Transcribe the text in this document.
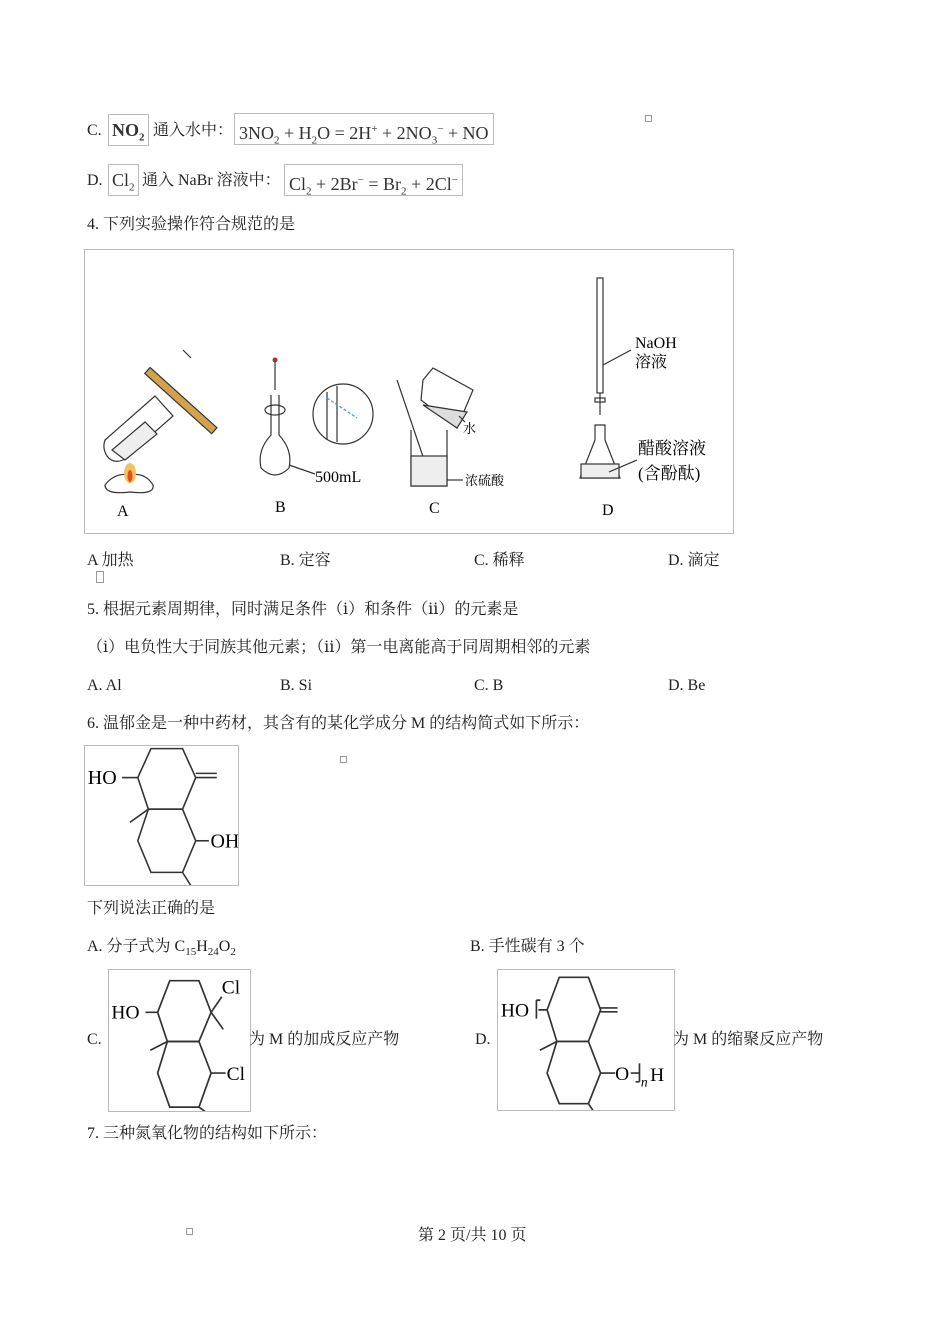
C. $NO_2$ 通入水中： $3NO_2 + H_2O = 2H^+ + 2NO_3^-$ + NO
D. $Cl_2$ 通入 NaBr 溶液中： $Cl_2 + 2Br^- = Br_2 + 2Cl^-$
4. 下列实验操作符合规范的是
500mL
水
浓硫酸
NaOH
溶液
醋酸溶液
(含酚酞)
A	B	C	D
A 加热	B. 定容	C. 稀释	D. 滴定
5. 根据元素周期律，同时满足条件（ⅰ）和条件（ⅱ）的元素是
（ⅰ）电负性大于同族其他元素；（ⅱ）第一电离能高于同周期相邻的元素
A. Al	B. Si	C. B	D. Be
6. 温郁金是一种中药材，其含有的某化学成分 M 的结构简式如下所示：
HO
OH
下列说法正确的是
A. 分子式为 $C_{15}H_{24}O_2$	B. 手性碳有 3 个
C.
HO
Cl
Cl
为 M 的加成反应产物	D.
HO
O n H
为 M 的缩聚反应产物
7. 三种氮氧化物的结构如下所示：
第 2 页/共 10 页
